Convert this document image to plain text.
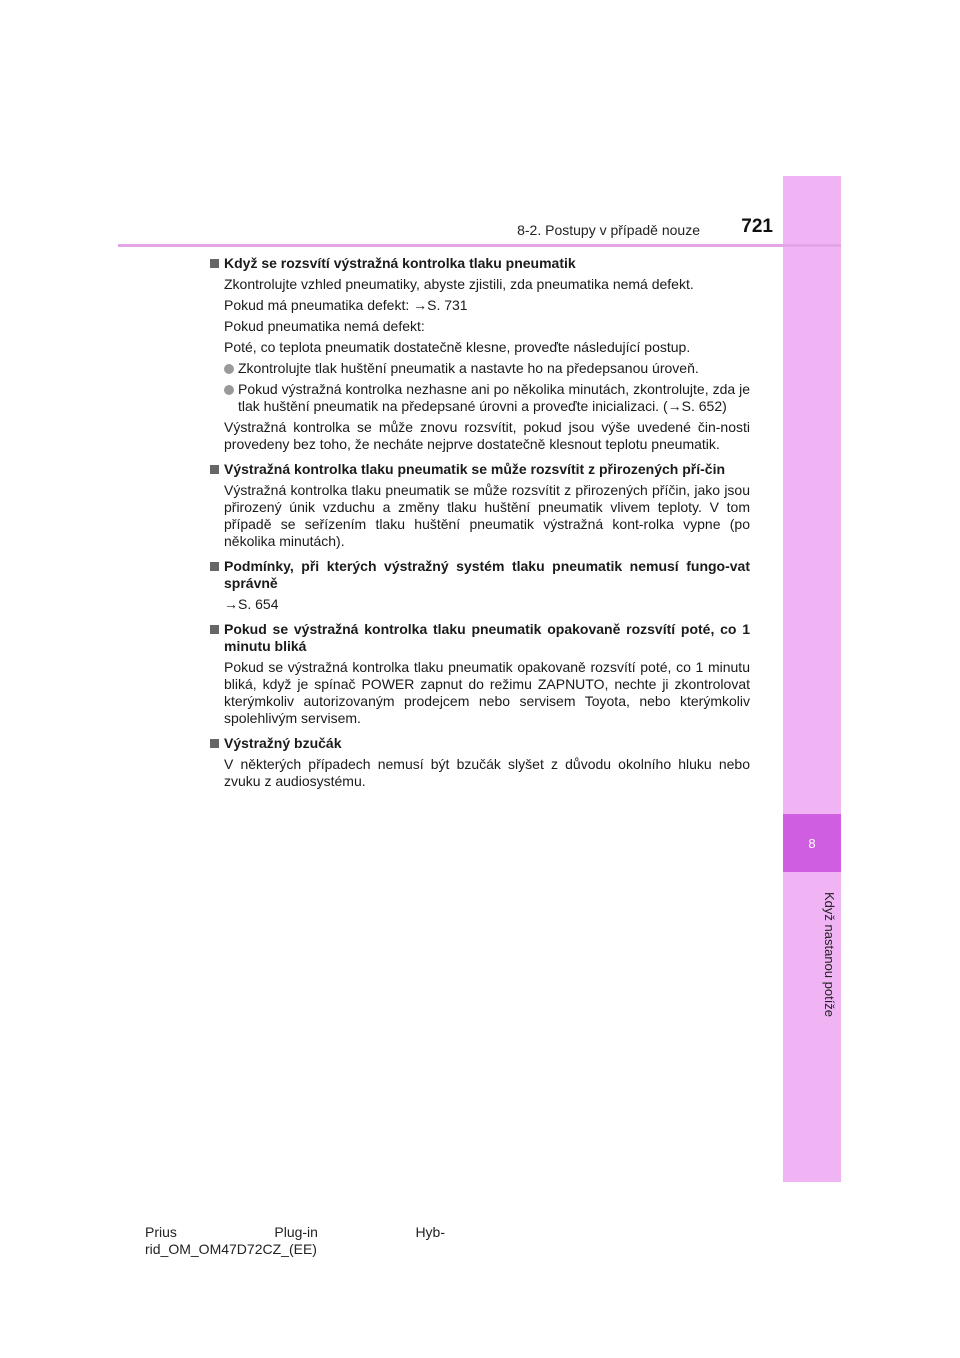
8
Když nastanou potíže
8-2. Postupy v případě nouze	721
Když se rozsvítí výstražná kontrolka tlaku pneumatik
Zkontrolujte vzhled pneumatiky, abyste zjistili, zda pneumatika nemá defekt.
Pokud má pneumatika defekt: →S. 731
Pokud pneumatika nemá defekt:
Poté, co teplota pneumatik dostatečně klesne, proveďte následující postup.
Zkontrolujte tlak huštění pneumatik a nastavte ho na předepsanou úroveň.
Pokud výstražná kontrolka nezhasne ani po několika minutách, zkontrolujte, zda je tlak huštění pneumatik na předepsané úrovni a proveďte inicializaci. (→S. 652)
Výstražná kontrolka se může znovu rozsvítit, pokud jsou výše uvedené čin-nosti provedeny bez toho, že necháte nejprve dostatečně klesnout teplotu pneumatik.
Výstražná kontrolka tlaku pneumatik se může rozsvítit z přirozených pří-čin
Výstražná kontrolka tlaku pneumatik se může rozsvítit z přirozených příčin, jako jsou přirozený únik vzduchu a změny tlaku huštění pneumatik vlivem teploty. V tom případě se seřízením tlaku huštění pneumatik výstražná kont-rolka vypne (po několika minutách).
Podmínky, při kterých výstražný systém tlaku pneumatik nemusí fungo-vat správně
→S. 654
Pokud se výstražná kontrolka tlaku pneumatik opakovaně rozsvítí poté, co 1 minutu bliká
Pokud se výstražná kontrolka tlaku pneumatik opakovaně rozsvítí poté, co 1 minutu bliká, když je spínač POWER zapnut do režimu ZAPNUTO, nechte ji zkontrolovat kterýmkoliv autorizovaným prodejcem nebo servisem Toyota, nebo kterýmkoliv spolehlivým servisem.
Výstražný bzučák
V některých případech nemusí být bzučák slyšet z důvodu okolního hluku nebo zvuku z audiosystému.
Prius	Plug-in	Hyb-
rid_OM_OM47D72CZ_(EE)
